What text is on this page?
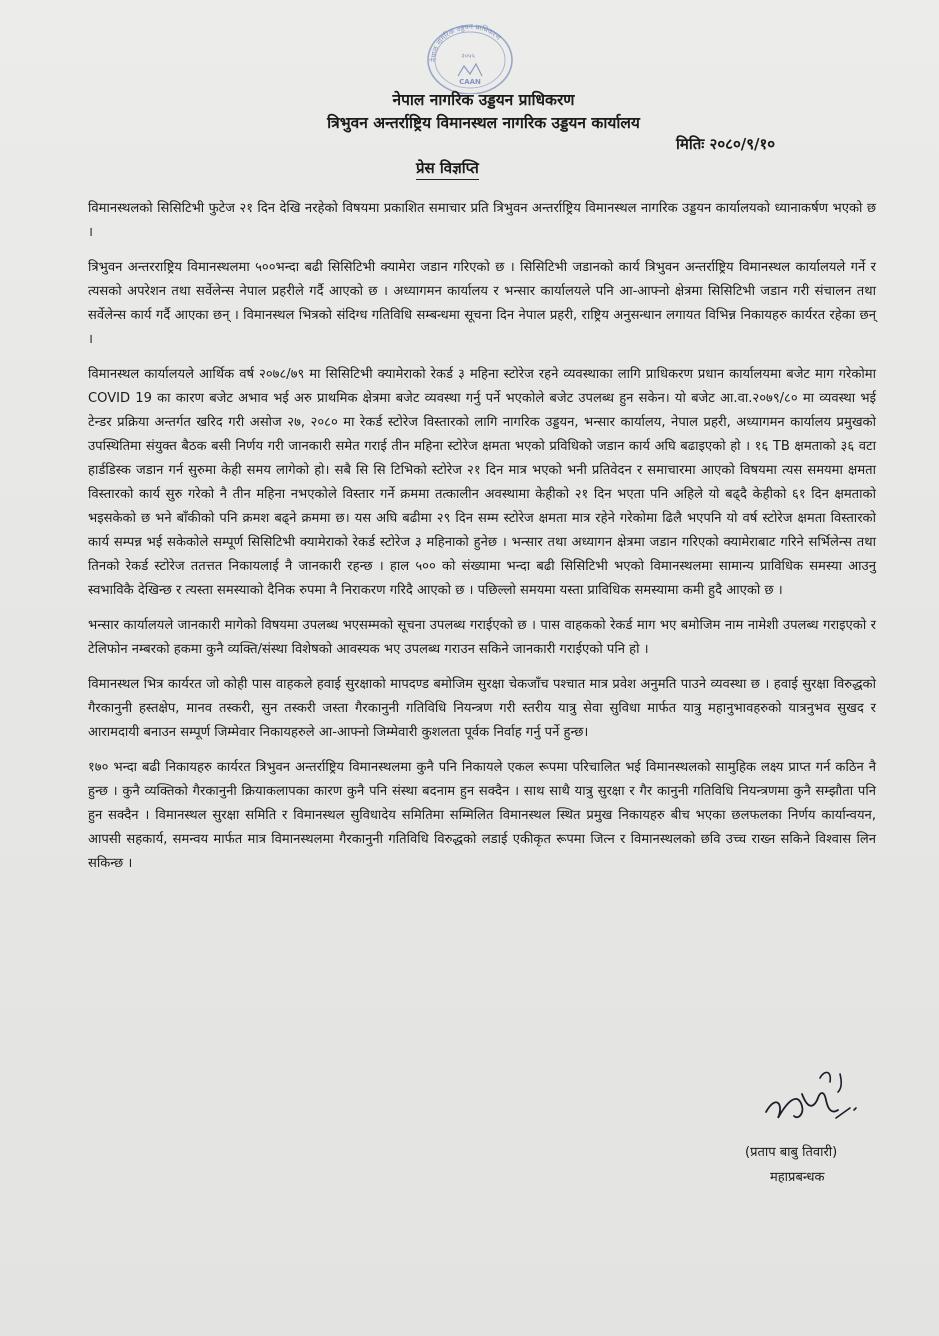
नेपाल नागरिक उड्डयन प्राधिकरण
२०५५
CAAN
नेपाल नागरिक उड्डयन प्राधिकरण
त्रिभुवन अन्तर्राष्ट्रिय विमानस्थल नागरिक उड्डयन कार्यालय
मितिः २०८०/९/१०
प्रेस विज्ञप्ति

विमानस्थलको सिसिटिभी फुटेज २१ दिन देखि नरहेको विषयमा प्रकाशित समाचार प्रति त्रिभुवन अन्तर्राष्ट्रिय विमानस्थल नागरिक उड्डयन कार्यालयको ध्यानाकर्षण भएको छ ।

त्रिभुवन अन्तरराष्ट्रिय विमानस्थलमा ५००भन्दा बढी सिसिटिभी क्यामेरा जडान गरिएको छ । सिसिटिभी जडानको कार्य त्रिभुवन अन्तर्राष्ट्रिय विमानस्थल कार्यालयले गर्ने र त्यसको अपरेशन तथा सर्वेलेन्स नेपाल प्रहरीले गर्दै आएको छ । अध्यागमन कार्यालय र भन्सार कार्यालयले पनि आ-आफ्नो क्षेत्रमा सिसिटिभी जडान गरी संचालन तथा सर्वेलेन्स कार्य गर्दै आएका छन् । विमानस्थल भित्रको संदिग्ध गतिविधि सम्बन्धमा सूचना दिन नेपाल प्रहरी, राष्ट्रिय अनुसन्धान लगायत विभिन्न निकायहरु कार्यरत रहेका छन् ।

विमानस्थल कार्यालयले आर्थिक वर्ष २०७८/७९ मा सिसिटिभी क्यामेराको रेकर्ड ३ महिना स्टोरेज रहने व्यवस्थाका लागि प्राधिकरण प्रधान कार्यालयमा बजेट माग गरेकोमा COVID 19 का कारण बजेट अभाव भई अरु प्राथमिक क्षेत्रमा बजेट व्यवस्था गर्नु पर्ने भएकोले बजेट उपलब्ध हुन सकेन। यो बजेट आ.वा.२०७९/८० मा व्यवस्था भई टेन्डर प्रक्रिया अन्तर्गत खरिद गरी असोज २७, २०८० मा रेकर्ड स्टोरेज विस्तारको लागि नागरिक उड्डयन, भन्सार कार्यालय, नेपाल प्रहरी, अध्यागमन कार्यालय प्रमुखको उपस्थितिमा संयुक्त बैठक बसी निर्णय गरी जानकारी समेत गराई तीन महिना स्टोरेज क्षमता भएको प्रविधिको जडान कार्य अघि बढाइएको हो । १६ TB क्षमताको ३६ वटा हार्डडिस्क जडान गर्न सुरुमा केही समय लागेको हो। सबै सि सि टिभिको स्टोरेज २१ दिन मात्र भएको भनी प्रतिवेदन र समाचारमा आएको विषयमा त्यस समयमा क्षमता विस्तारको कार्य सुरु गरेको नै तीन महिना नभएकोले विस्तार गर्ने क्रममा तत्कालीन अवस्थामा केहीको २१ दिन भएता पनि अहिले यो बढ्दै केहीको ६१ दिन क्षमताको भइसकेको छ भने बाँकीको पनि क्रमश बढ्ने क्रममा छ। यस अघि बढीमा २९ दिन सम्म स्टोरेज क्षमता मात्र रहेने गरेकोमा ढिलै भएपनि यो वर्ष स्टोरेज क्षमता विस्तारको कार्य सम्पन्न भई सकेकोले सम्पूर्ण सिसिटिभी क्यामेराको रेकर्ड स्टोरेज ३ महिनाको हुनेछ । भन्सार तथा अध्यागन क्षेत्रमा जडान गरिएको क्यामेराबाट गरिने सर्भिलेन्स तथा तिनको रेकर्ड स्टोरेज ततत्तत निकायलाई नै जानकारी रहन्छ । हाल ५०० को संख्यामा भन्दा बढी सिसिटिभी भएको विमानस्थलमा सामान्य प्राविधिक समस्या आउनु स्वभाविकै देखिन्छ र त्यस्ता समस्याको दैनिक रुपमा नै निराकरण गरिदै आएको छ । पछिल्लो समयमा यस्ता प्राविधिक समस्यामा कमी हुदै आएको छ ।

भन्सार कार्यालयले जानकारी मागेको विषयमा उपलब्ध भएसम्मको सूचना उपलब्ध गराईएको छ । पास वाहकको रेकर्ड माग भए बमोजिम नाम नामेशी उपलब्ध गराइएको र टेलिफोन नम्बरको हकमा कुनै व्यक्ति/संस्था विशेषको आवस्यक भए उपलब्ध गराउन सकिने जानकारी गराईएको पनि हो ।

विमानस्थल भित्र कार्यरत जो कोही पास वाहकले हवाई सुरक्षाको मापदण्ड बमोजिम सुरक्षा चेकजाँच पश्चात मात्र प्रवेश अनुमति पाउने व्यवस्था छ । हवाई सुरक्षा विरुद्धको गैरकानुनी हस्तक्षेप, मानव तस्करी, सुन तस्करी जस्ता गैरकानुनी गतिविधि नियन्त्रण गरी स्तरीय यात्रु सेवा सुविधा मार्फत यात्रु महानुभावहरुको यात्रनुभव सुखद र आरामदायी बनाउन सम्पूर्ण जिम्मेवार निकायहरुले आ-आफ्नो जिम्मेवारी कुशलता पूर्वक निर्वाह गर्नु पर्ने हुन्छ।

१७० भन्दा बढी निकायहरु कार्यरत त्रिभुवन अन्तर्राष्ट्रिय विमानस्थलमा कुनै पनि निकायले एकल रूपमा परिचालित भई विमानस्थलको सामुहिक लक्ष्य प्राप्त गर्न कठिन नै हुन्छ । कुनै व्यक्तिको गैरकानुनी क्रियाकलापका कारण कुनै पनि संस्था बदनाम हुन सक्दैन । साथ साथै यात्रु सुरक्षा र गैर कानुनी गतिविधि नियन्त्रणमा कुनै सम्झौता पनि हुन सक्दैन । विमानस्थल सुरक्षा समिति र विमानस्थल सुविधादेय समितिमा सम्मिलित विमानस्थल स्थित प्रमुख निकायहरु बीच भएका छलफलका निर्णय कार्यान्वयन, आपसी सहकार्य, समन्वय मार्फत मात्र विमानस्थलमा गैरकानुनी गतिविधि विरुद्धको लडाई एकीकृत रूपमा जित्न र विमानस्थलको छवि उच्च राख्न सकिने विश्वास लिन सकिन्छ ।

(प्रताप बाबु तिवारी)
महाप्रबन्धक
